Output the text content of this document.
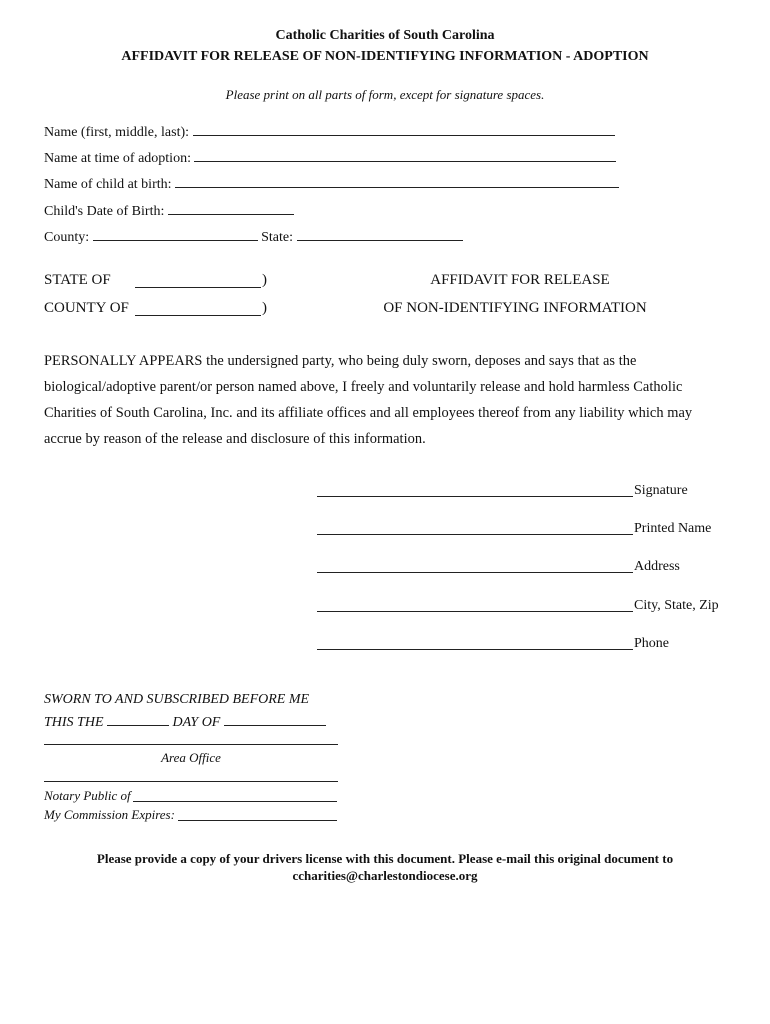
Catholic Charities of South Carolina
AFFIDAVIT FOR RELEASE OF NON-IDENTIFYING INFORMATION - ADOPTION
Please print on all parts of form, except for signature spaces.
Name (first, middle, last):
Name at time of adoption:
Name of child at birth:
Child's Date of Birth:
County:	State:
STATE OF	)
COUNTY OF	)
AFFIDAVIT FOR RELEASE
OF NON-IDENTIFYING INFORMATION
PERSONALLY APPEARS the undersigned party, who being duly sworn, deposes and says that as the
biological/adoptive parent/or person named above, I freely and voluntarily release and hold harmless Catholic
Charities of South Carolina, Inc. and its affiliate offices and all employees thereof from any liability which may
accrue by reason of the release and disclosure of this information.
Signature
Printed Name
Address
City, State, Zip
Phone
SWORN TO AND SUBSCRIBED BEFORE ME
THIS THE	DAY OF
Area Office
Notary Public of
My Commission Expires:
Please provide a copy of your drivers license with this document. Please e-mail this original document to
ccharities@charlestondiocese.org
